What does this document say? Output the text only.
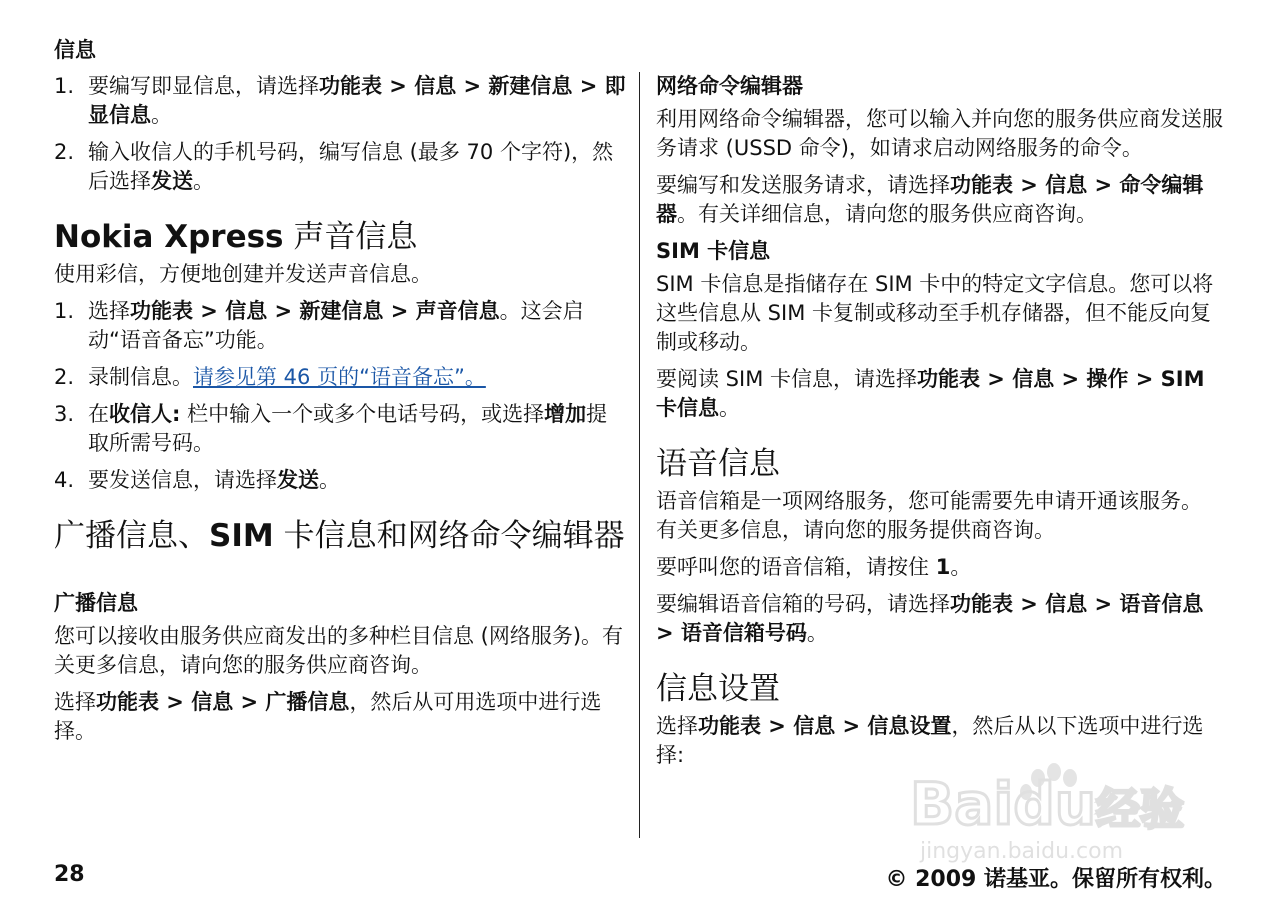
信息
1. 要编写即显信息，请选择功能表 > 信息 > 新建信息 > 即显信息。
2. 输入收信人的手机号码，编写信息 (最多 70 个字符)，然后选择发送。
Nokia Xpress 声音信息

使用彩信，方便地创建并发送声音信息。

1. 选择功能表 > 信息 > 新建信息 > 声音信息。这会启动“语音备忘”功能。
2. 录制信息。请参见第 46 页的“语音备忘”。
3. 在收信人: 栏中输入一个或多个电话号码，或选择增加提取所需号码。
4. 要发送信息，请选择发送。
广播信息、SIM 卡信息和网络命令编辑器
广播信息

您可以接收由服务供应商发出的多种栏目信息 (网络服务)。有关更多信息，请向您的服务供应商咨询。

选择功能表 > 信息 > 广播信息，然后从可用选项中进行选择。

网络命令编辑器

利用网络命令编辑器，您可以输入并向您的服务供应商发送服务请求 (USSD 命令)，如请求启动网络服务的命令。

要编写和发送服务请求，请选择功能表 > 信息 > 命令编辑器。有关详细信息，请向您的服务供应商咨询。

SIM 卡信息

SIM 卡信息是指储存在 SIM 卡中的特定文字信息。您可以将这些信息从 SIM 卡复制或移动至手机存储器，但不能反向复制或移动。

要阅读 SIM 卡信息，请选择功能表 > 信息 > 操作 > SIM 卡信息。

语音信息

语音信箱是一项网络服务，您可能需要先申请开通该服务。 有关更多信息，请向您的服务提供商咨询。

要呼叫您的语音信箱，请按住 1。

要编辑语音信箱的号码，请选择功能表 > 信息 > 语音信息 > 语音信箱号码。

信息设置

选择功能表 > 信息 > 信息设置，然后从以下选项中进行选择:

Baidu 经验
jingyan.baidu.com
28	© 2009 诺基亚。保留所有权利。
